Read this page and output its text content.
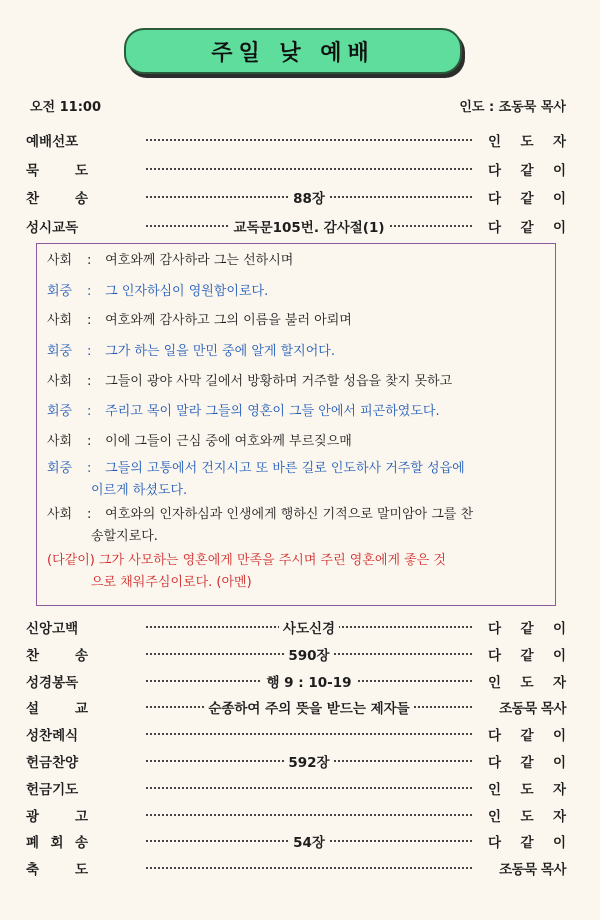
주일 낮 예배
오전 11:00	인도 : 조동묵 목사
예배선포	인 도 자
묵	도	다 같 이
찬	송	88장	다 같 이
성시교독	교독문105번. 감사절(1)	다 같 이
사회 : 여호와께 감사하라 그는 선하시며
회중 : 그 인자하심이 영원함이로다.
사회 : 여호와께 감사하고 그의 이름을 불러 아뢰며
회중 : 그가 하는 일을 만민 중에 알게 할지어다.
사회 : 그들이 광야 사막 길에서 방황하며 거주할 성읍을 찾지 못하고
회중 : 주리고 목이 말라 그들의 영혼이 그들 안에서 피곤하였도다.
사회 : 이에 그들이 근심 중에 여호와께 부르짖으매
회중 : 그들의 고통에서 건지시고 또 바른 길로 인도하사 거주할 성읍에
이르게 하셨도다.
사회 : 여호와의 인자하심과 인생에게 행하신 기적으로 말미암아 그를 찬
송할지로다.
(다같이) 그가 사모하는 영혼에게 만족을 주시며 주린 영혼에게 좋은 것
으로 채워주심이로다. (아멘)
신앙고백	사도신경	다 같 이
찬	송	590장	다 같 이
성경봉독	행 9 : 10-19	인 도 자
설	교	순종하여 주의 뜻을 받드는 제자들	조동묵 목사
성찬례식	다 같 이
헌금찬양	592장	다 같 이
헌금기도	인 도 자
광	고	인 도 자
폐 회 송	54장	다 같 이
축	도	조동묵 목사
